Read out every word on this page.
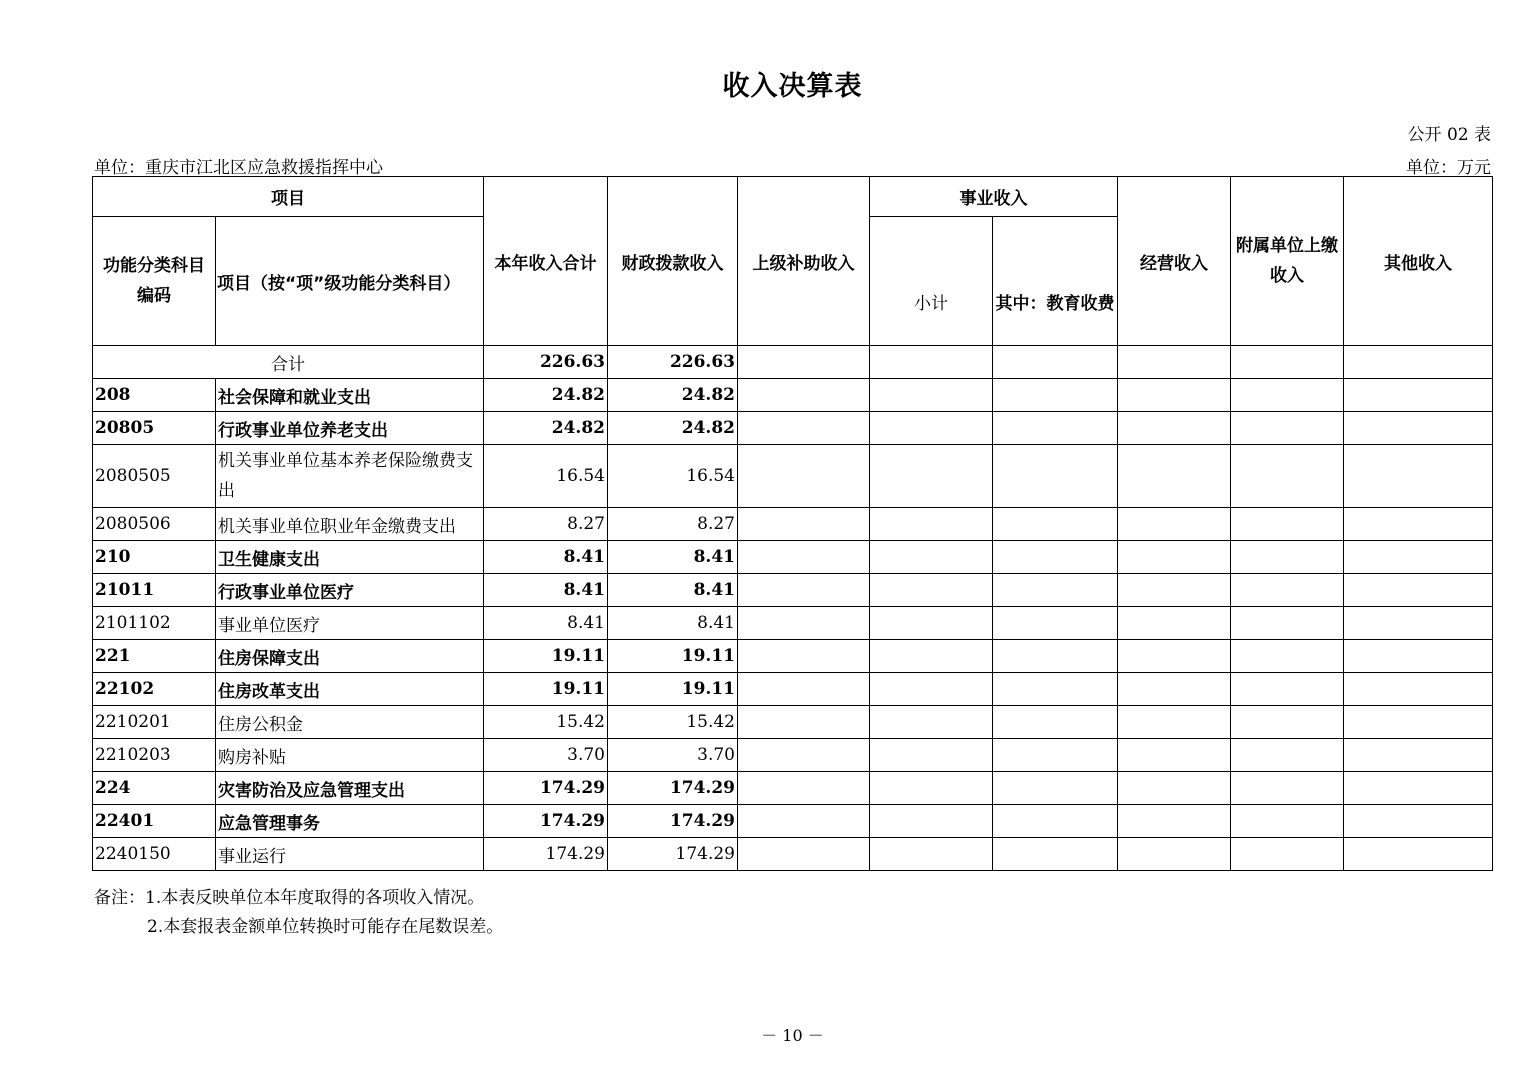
收入决算表
公开 02 表
单位：重庆市江北区应急救援指挥中心	单位：万元
项目		本年收入合计	财政拨款收入	上级补助收入	事业收入		经营收入	附属单位上缴收入	其他收入
功能分类科目编码	项目（按“项”级功能分类科目）				小计	其中：教育收费			
合计		226.63	226.63						
208	社会保障和就业支出	24.82	24.82						
20805	行政事业单位养老支出	24.82	24.82						
2080505	机关事业单位基本养老保险缴费支出	16.54	16.54						
2080506	机关事业单位职业年金缴费支出	8.27	8.27						
210	卫生健康支出	8.41	8.41						
21011	行政事业单位医疗	8.41	8.41						
2101102	事业单位医疗	8.41	8.41						
221	住房保障支出	19.11	19.11						
22102	住房改革支出	19.11	19.11						
2210201	住房公积金	15.42	15.42						
2210203	购房补贴	3.70	3.70						
224	灾害防治及应急管理支出	174.29	174.29						
22401	应急管理事务	174.29	174.29						
2240150	事业运行	174.29	174.29						
备注：1.本表反映单位本年度取得的各项收入情况。
2.本套报表金额单位转换时可能存在尾数误差。
－ 10 －
